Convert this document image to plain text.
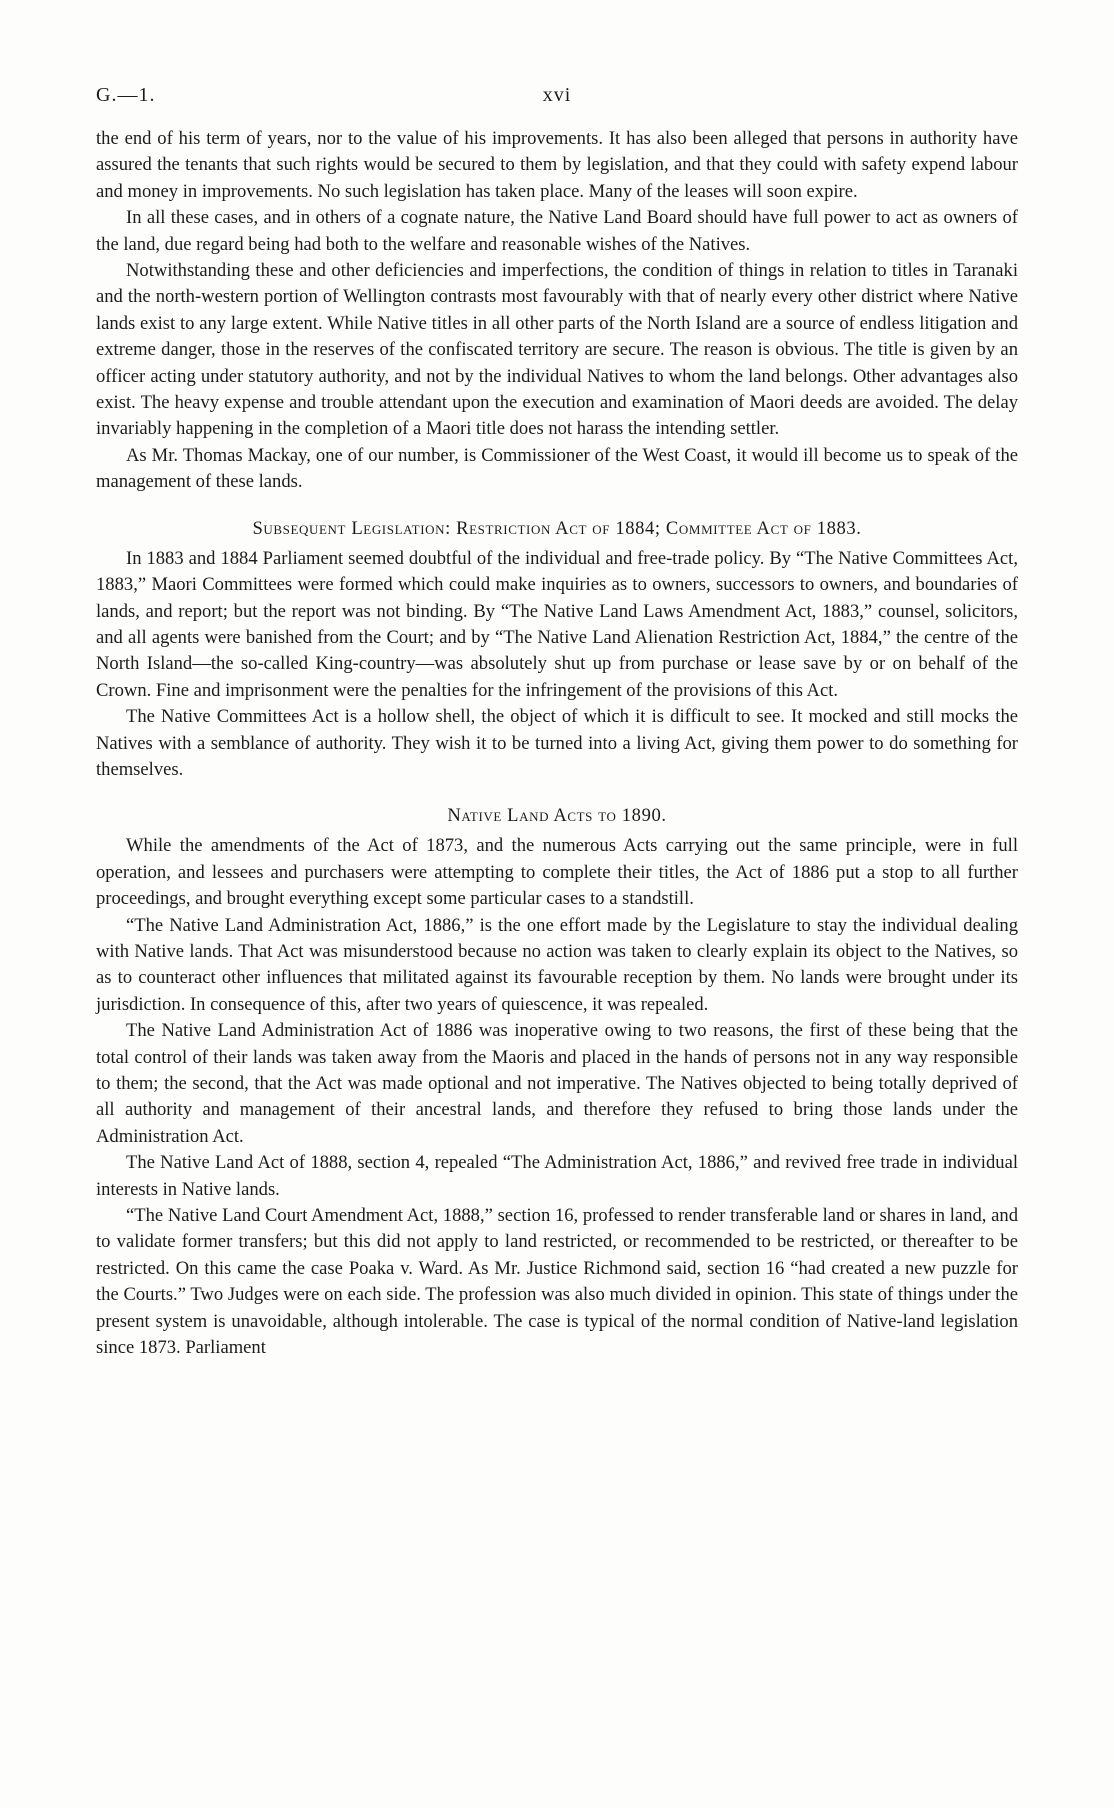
G.—1.	xvi

the end of his term of years, nor to the value of his improvements. It has also been alleged that persons in authority have assured the tenants that such rights would be secured to them by legislation, and that they could with safety expend labour and money in improvements. No such legislation has taken place. Many of the leases will soon expire.

In all these cases, and in others of a cognate nature, the Native Land Board should have full power to act as owners of the land, due regard being had both to the welfare and reasonable wishes of the Natives.

Notwithstanding these and other deficiencies and imperfections, the condition of things in relation to titles in Taranaki and the north-western portion of Wellington contrasts most favourably with that of nearly every other district where Native lands exist to any large extent. While Native titles in all other parts of the North Island are a source of endless litigation and extreme danger, those in the reserves of the confiscated territory are secure. The reason is obvious. The title is given by an officer acting under statutory authority, and not by the individual Natives to whom the land belongs. Other advantages also exist. The heavy expense and trouble attendant upon the execution and examination of Maori deeds are avoided. The delay invariably happening in the completion of a Maori title does not harass the intending settler.

As Mr. Thomas Mackay, one of our number, is Commissioner of the West Coast, it would ill become us to speak of the management of these lands.

Subsequent Legislation: Restriction Act of 1884; Committee Act of 1883.

In 1883 and 1884 Parliament seemed doubtful of the individual and free-trade policy. By “The Native Committees Act, 1883,” Maori Committees were formed which could make inquiries as to owners, successors to owners, and boundaries of lands, and report; but the report was not binding. By “The Native Land Laws Amendment Act, 1883,” counsel, solicitors, and all agents were banished from the Court; and by “The Native Land Alienation Restriction Act, 1884,” the centre of the North Island—the so-called King-country—was absolutely shut up from purchase or lease save by or on behalf of the Crown. Fine and imprisonment were the penalties for the infringement of the provisions of this Act.

The Native Committees Act is a hollow shell, the object of which it is difficult to see. It mocked and still mocks the Natives with a semblance of authority. They wish it to be turned into a living Act, giving them power to do something for themselves.

Native Land Acts to 1890.

While the amendments of the Act of 1873, and the numerous Acts carrying out the same principle, were in full operation, and lessees and purchasers were attempting to complete their titles, the Act of 1886 put a stop to all further proceedings, and brought everything except some particular cases to a standstill.

“The Native Land Administration Act, 1886,” is the one effort made by the Legislature to stay the individual dealing with Native lands. That Act was misunderstood because no action was taken to clearly explain its object to the Natives, so as to counteract other influences that militated against its favourable reception by them. No lands were brought under its jurisdiction. In consequence of this, after two years of quiescence, it was repealed.

The Native Land Administration Act of 1886 was inoperative owing to two reasons, the first of these being that the total control of their lands was taken away from the Maoris and placed in the hands of persons not in any way responsible to them; the second, that the Act was made optional and not imperative. The Natives objected to being totally deprived of all authority and management of their ancestral lands, and therefore they refused to bring those lands under the Administration Act.

The Native Land Act of 1888, section 4, repealed “The Administration Act, 1886,” and revived free trade in individual interests in Native lands.

“The Native Land Court Amendment Act, 1888,” section 16, professed to render transferable land or shares in land, and to validate former transfers; but this did not apply to land restricted, or recommended to be restricted, or thereafter to be restricted. On this came the case Poaka v. Ward. As Mr. Justice Richmond said, section 16 “had created a new puzzle for the Courts.” Two Judges were on each side. The profession was also much divided in opinion. This state of things under the present system is unavoidable, although intolerable. The case is typical of the normal condition of Native-land legislation since 1873. Parliament
